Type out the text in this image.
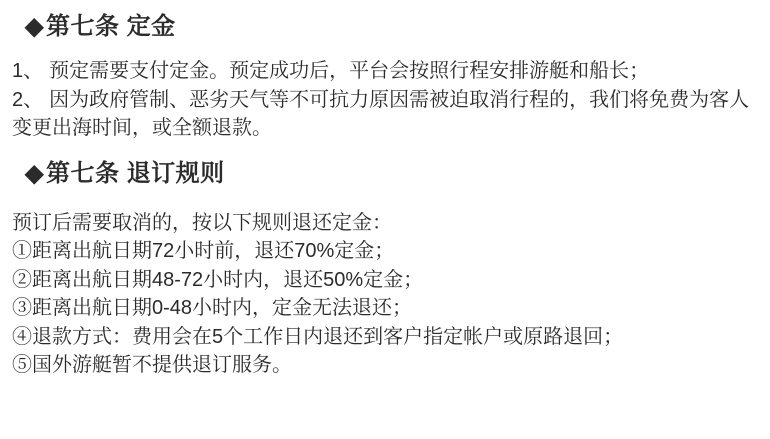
◆第七条 定金

1、 预定需要支付定金。预定成功后，平台会按照行程安排游艇和船长；

2、 因为政府管制、恶劣天气等不可抗力原因需被迫取消行程的，我们将免费为客人变更出海时间，或全额退款。

◆第七条 退订规则

预订后需要取消的，按以下规则退还定金：

①距离出航日期72小时前，退还70%定金；

②距离出航日期48-72小时内，退还50%定金；

③距离出航日期0-48小时内，定金无法退还；

④退款方式：费用会在5个工作日内退还到客户指定帐户或原路退回；

⑤国外游艇暂不提供退订服务。
